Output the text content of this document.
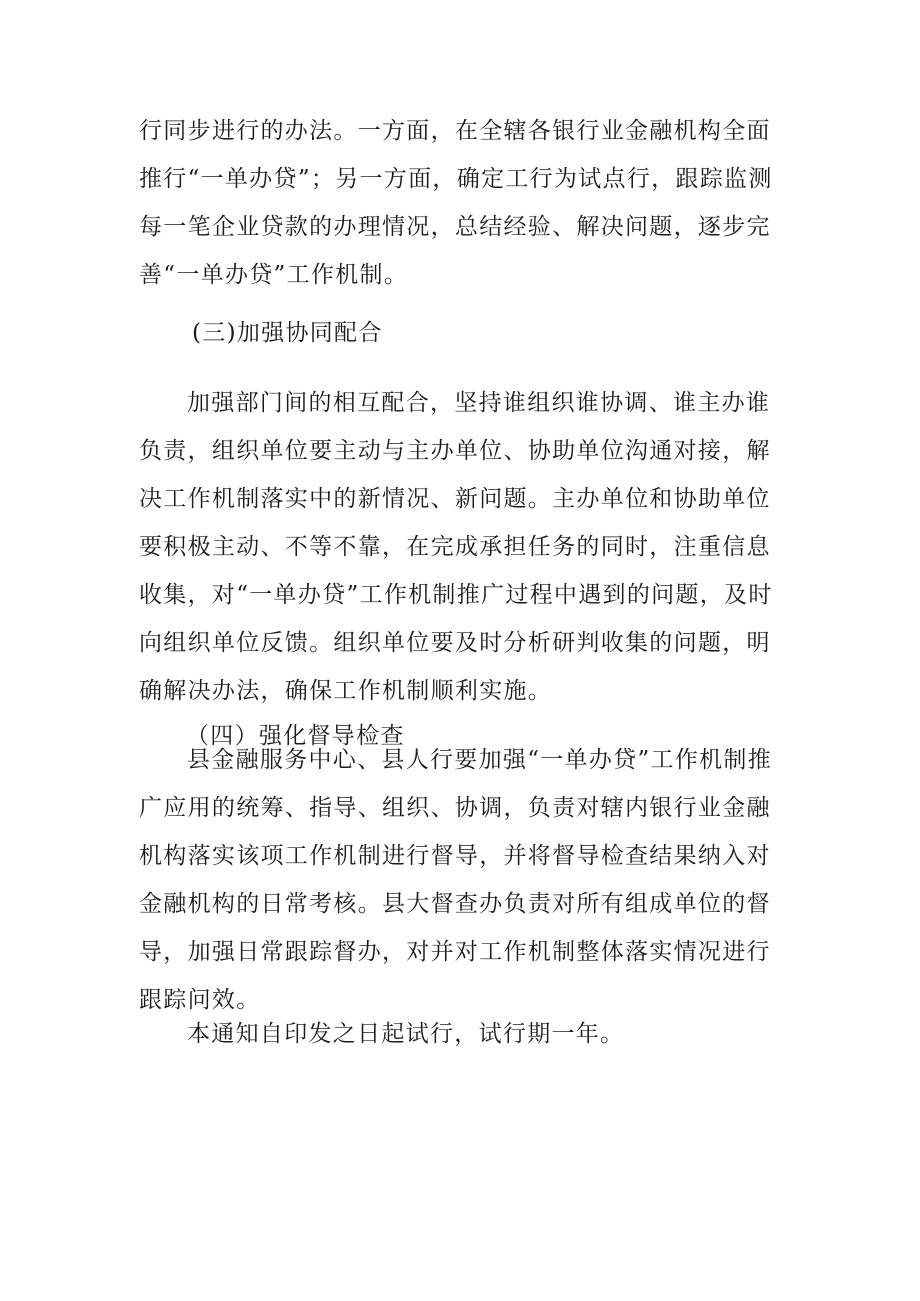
行同步进行的办法。一方面，在全辖各银行业金融机构全面推行“一单办贷”；另一方面，确定工行为试点行，跟踪监测每一笔企业贷款的办理情况，总结经验、解决问题，逐步完善“一单办贷”工作机制。

(三)加强协同配合

加强部门间的相互配合，坚持谁组织谁协调、谁主办谁负责，组织单位要主动与主办单位、协助单位沟通对接，解决工作机制落实中的新情况、新问题。主办单位和协助单位要积极主动、不等不靠，在完成承担任务的同时，注重信息收集，对“一单办贷”工作机制推广过程中遇到的问题，及时向组织单位反馈。组织单位要及时分析研判收集的问题，明确解决办法，确保工作机制顺利实施。

（四）强化督导检查

县金融服务中心、县人行要加强“一单办贷”工作机制推广应用的统筹、指导、组织、协调，负责对辖内银行业金融机构落实该项工作机制进行督导，并将督导检查结果纳入对金融机构的日常考核。县大督查办负责对所有组成单位的督导，加强日常跟踪督办，对并对工作机制整体落实情况进行跟踪问效。

本通知自印发之日起试行，试行期一年。
